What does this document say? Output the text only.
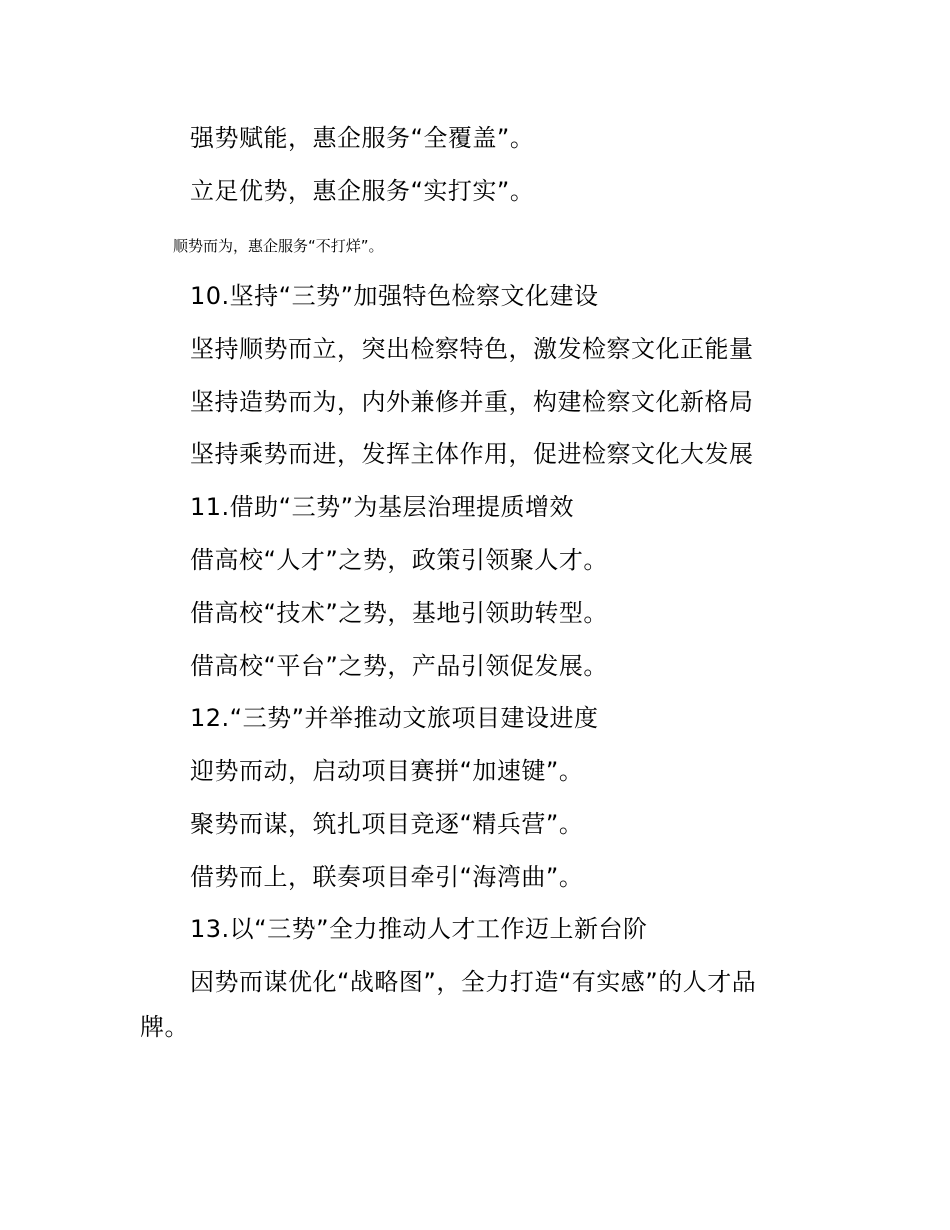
强势赋能，惠企服务“全覆盖”。
立足优势，惠企服务“实打实”。
顺势而为，惠企服务“不打烊”。
10.坚持“三势”加强特色检察文化建设
坚持顺势而立，突出检察特色，激发检察文化正能量
坚持造势而为，内外兼修并重，构建检察文化新格局
坚持乘势而进，发挥主体作用，促进检察文化大发展
11.借助“三势”为基层治理提质增效
借高校“人才”之势，政策引领聚人才。
借高校“技术”之势，基地引领助转型。
借高校“平台”之势，产品引领促发展。
12.“三势”并举推动文旅项目建设进度
迎势而动，启动项目赛拼“加速键”。
聚势而谋，筑扎项目竞逐“精兵营”。
借势而上，联奏项目牵引“海湾曲”。
13.以“三势”全力推动人才工作迈上新台阶
因势而谋优化“战略图”，全力打造“有实感”的人才品
牌。
